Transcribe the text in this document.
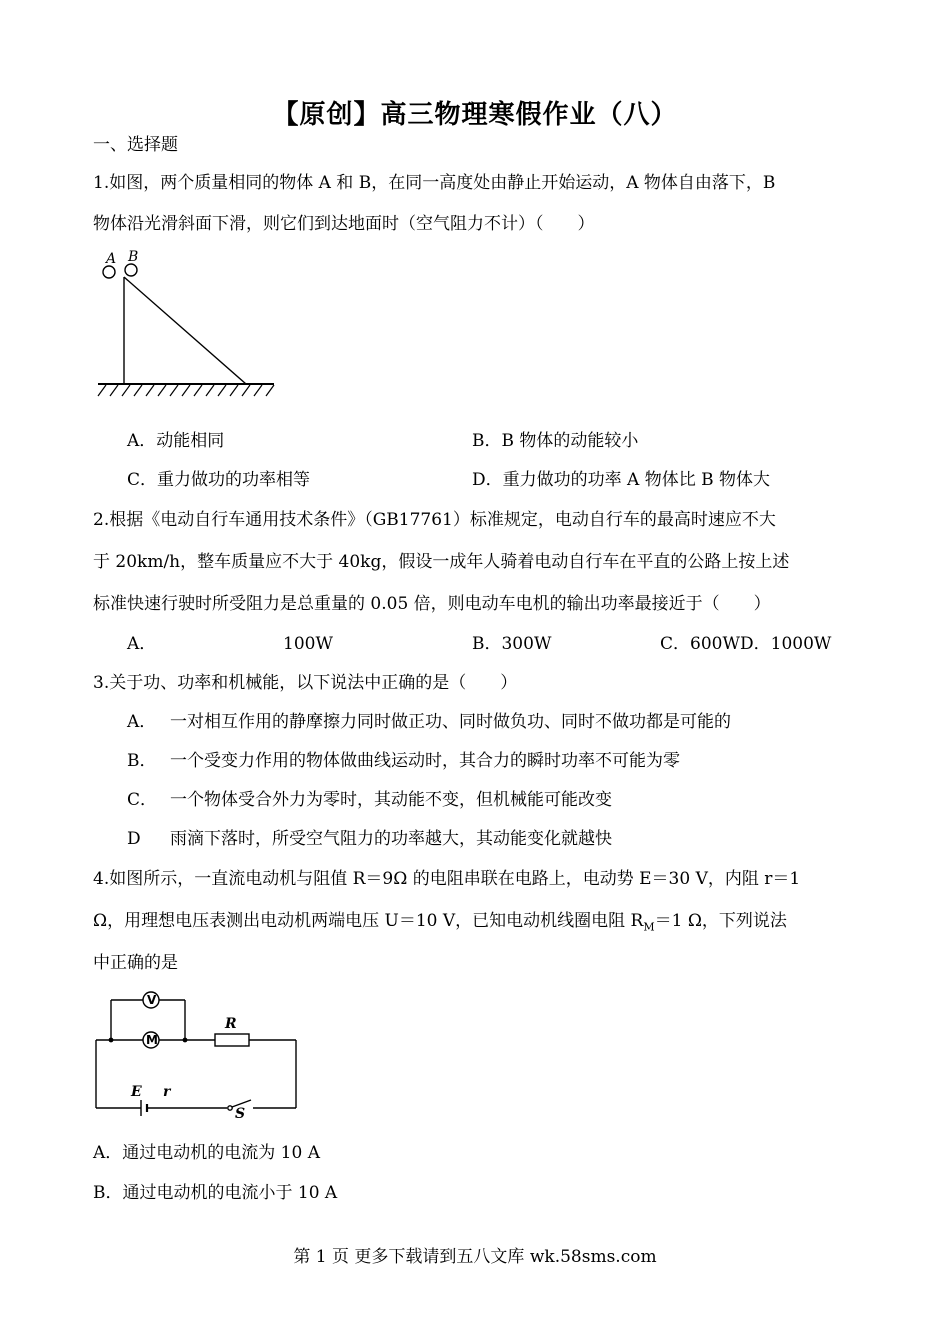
【原创】高三物理寒假作业（八）
一、选择题
1.如图，两个质量相同的物体 A 和 B，在同一高度处由静止开始运动，A 物体自由落下，B
物体沿光滑斜面下滑，则它们到达地面时（空气阻力不计）（　　）
A B
A．动能相同	B．B 物体的动能较小
C．重力做功的功率相等	D．重力做功的功率 A 物体比 B 物体大
2.根据《电动自行车通用技术条件》（GB17761）标准规定，电动自行车的最高时速应不大
于 20km/h，整车质量应不大于 40kg，假设一成年人骑着电动自行车在平直的公路上按上述
标准快速行驶时所受阻力是总重量的 0.05 倍，则电动车电机的输出功率最接近于（　　）
A．	100W	B．300W	C．600W D．1000W
3.关于功、功率和机械能，以下说法中正确的是（　　）
A． 一对相互作用的静摩擦力同时做正功、同时做负功、同时不做功都是可能的
B． 一个受变力作用的物体做曲线运动时，其合力的瞬时功率不可能为零
C． 一个物体受合外力为零时，其动能不变，但机械能可能改变
D 雨滴下落时，所受空气阻力的功率越大，其动能变化就越快
4.如图所示，一直流电动机与阻值 R＝9Ω 的电阻串联在电路上，电动势 E＝30 V，内阻 r＝1
Ω，用理想电压表测出电动机两端电压 U＝10 V，已知电动机线圈电阻 $R_M=1$ Ω，下列说法
中正确的是
V
M
R
E r
S
A．通过电动机的电流为 10 A
B．通过电动机的电流小于 10 A
第 1 页 更多下载请到五八文库 wk.58sms.com
